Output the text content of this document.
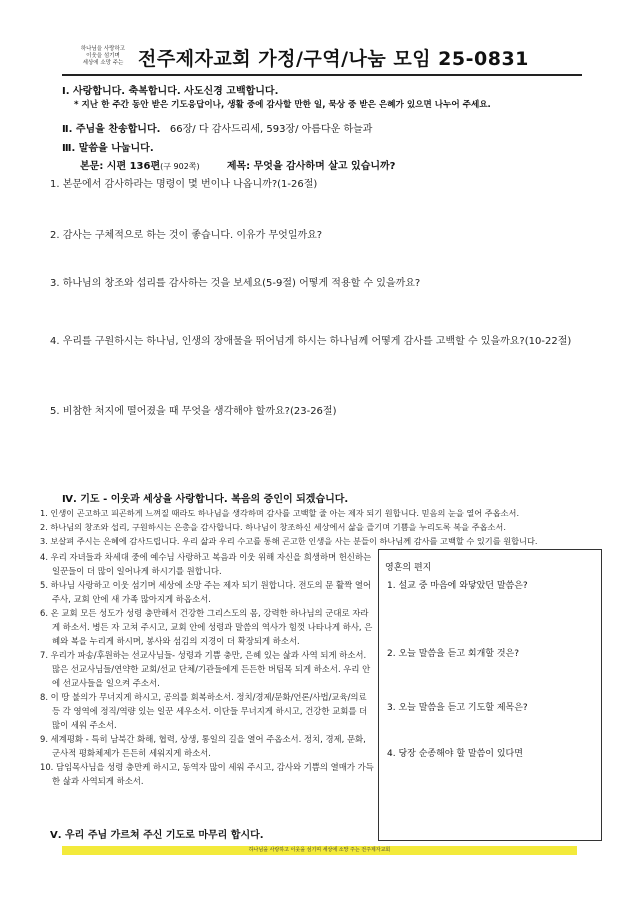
하나님을 사랑하고
이웃을 섬기며
세상에 소망 주는 전주제자교회 가정/구역/나눔 모임 25-0831
Ⅰ. 사랑합니다. 축복합니다. 사도신경 고백합니다.
* 지난 한 주간 동안 받은 기도응답이나, 생활 중에 감사할 만한 일, 묵상 중 받은 은혜가 있으면 나누어 주세요.
Ⅱ. 주님을 찬송합니다. 66장/ 다 감사드리세, 593장/ 아름다운 하늘과
Ⅲ. 말씀을 나눕니다.
본문: 시편 136편(구 902쪽)	제목: 무엇을 감사하며 살고 있습니까?
1. 본문에서 감사하라는 명령이 몇 번이나 나옵니까?(1-26절)
2. 감사는 구체적으로 하는 것이 좋습니다. 이유가 무엇일까요?
3. 하나님의 창조와 섭리를 감사하는 것을 보세요(5-9절) 어떻게 적용할 수 있을까요?
4. 우리를 구원하시는 하나님, 인생의 장애물을 뛰어넘게 하시는 하나님께 어떻게 감사를 고백할 수 있을까요?(10-22절)
5. 비참한 처지에 떨어졌을 때 무엇을 생각해야 할까요?(23-26절)
Ⅳ. 기도 - 이웃과 세상을 사랑합니다. 복음의 증인이 되겠습니다.
1. 인생이 곤고하고 피곤하게 느껴질 때라도 하나님을 생각하며 감사를 고백할 줄 아는 제자 되기 원합니다. 믿음의 눈을 열어 주옵소서.
2. 하나님의 창조와 섭리, 구원하시는 은총을 감사합니다. 하나님이 창조하신 세상에서 삶을 즐기며 기쁨을 누리도록 복을 주옵소서.
3. 보살펴 주시는 은혜에 감사드립니다. 우리 삶과 우리 수고를 통해 곤고한 인생을 사는 분들이 하나님께 감사를 고백할 수 있기를 원합니다.

4. 우리 자녀들과 차세대 중에 예수님 사랑하고 복음과 이웃 위해 자신을 희생하며 헌신하는 일꾼들이 더 많이 일어나게 하시기를 원합니다.

5. 하나님 사랑하고 이웃 섬기며 세상에 소망 주는 제자 되기 원합니다. 전도의 문 활짝 열어 주사, 교회 안에 새 가족 많아지게 하옵소서.

6. 온 교회 모든 성도가 성령 충만해서 건강한 그리스도의 몸, 강력한 하나님의 군대로 자라게 하소서. 병든 자 고쳐 주시고, 교회 안에 성령과 말씀의 역사가 힘껏 나타나게 하사, 은혜와 복을 누리게 하시며, 봉사와 섬김의 지경이 더 확장되게 하소서.

7. 우리가 파송/후원하는 선교사님들- 성령과 기쁨 충만, 은혜 있는 삶과 사역 되게 하소서. 많은 선교사님들/연약한 교회/선교 단체/기관들에게 든든한 버팀목 되게 하소서. 우리 안에 선교사들을 일으켜 주소서.

8. 이 땅 불의가 무너지게 하시고, 공의를 회복하소서. 정치/경제/문화/언론/사법/교육/의료 등 각 영역에 정직/역량 있는 일꾼 세우소서. 이단들 무너지게 하시고, 건강한 교회를 더 많이 세워 주소서.

9. 세계평화 - 특히 남북간 화해, 협력, 상생, 통일의 길을 열어 주옵소서. 정치, 경제, 문화, 군사적 평화체제가 든든히 세워지게 하소서.

10. 담임목사님을 성령 충만케 하시고, 동역자 많이 세워 주시고, 감사와 기쁨의 열매가 가득한 삶과 사역되게 하소서.

영혼의 편지
1. 설교 중 마음에 와닿았던 말씀은?
2. 오늘 말씀을 듣고 회개할 것은?
3. 오늘 말씀을 듣고 기도할 제목은?
4. 당장 순종해야 할 말씀이 있다면
Ⅴ. 우리 주님 가르쳐 주신 기도로 마무리 합시다.
하나님을 사랑하고 이웃을 섬기며 세상에 소망 주는 전주제자교회
